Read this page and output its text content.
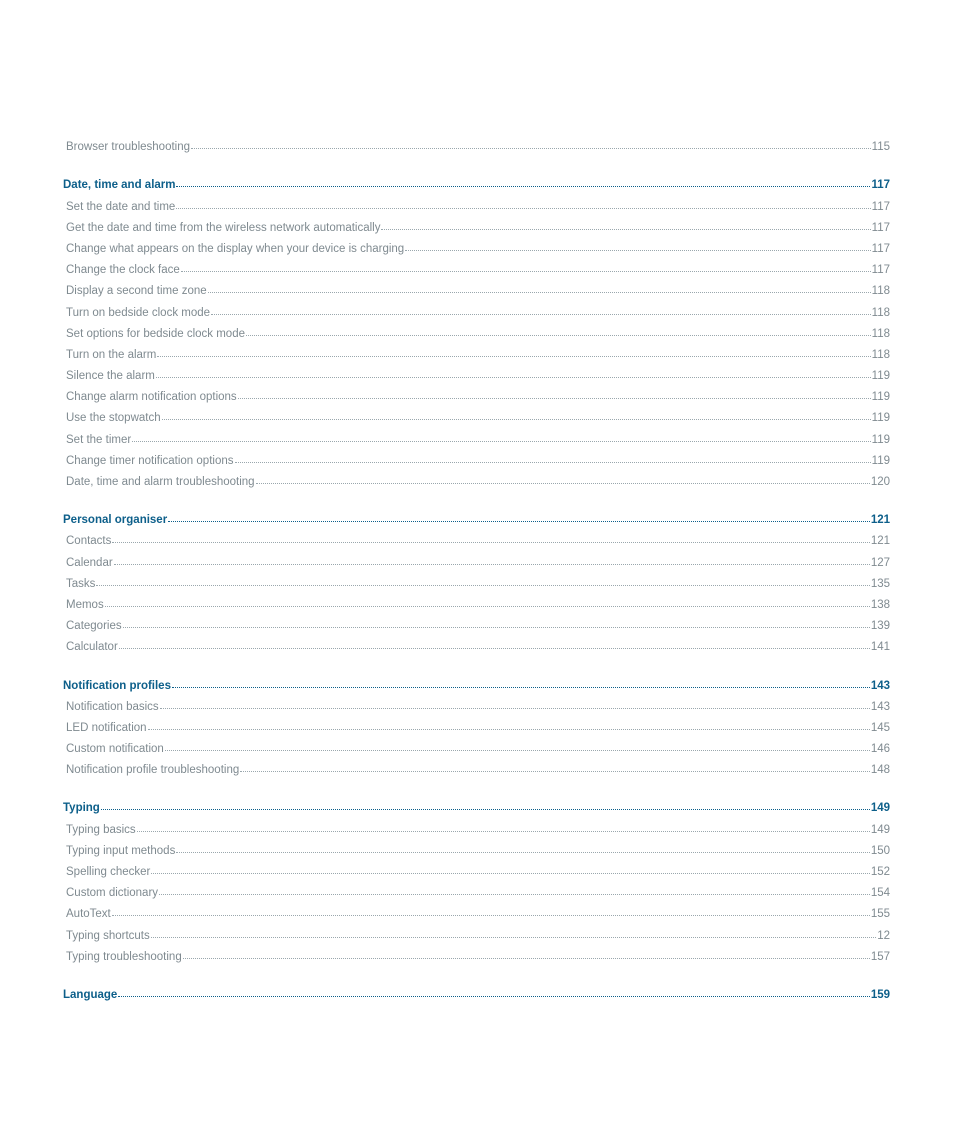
Browser troubleshooting	115
Date, time and alarm	117
Set the date and time	117
Get the date and time from the wireless network automatically	117
Change what appears on the display when your device is charging	117
Change the clock face	117
Display a second time zone	118
Turn on bedside clock mode	118
Set options for bedside clock mode	118
Turn on the alarm	118
Silence the alarm	119
Change alarm notification options	119
Use the stopwatch	119
Set the timer	119
Change timer notification options	119
Date, time and alarm troubleshooting	120
Personal organiser	121
Contacts	121
Calendar	127
Tasks	135
Memos	138
Categories	139
Calculator	141
Notification profiles	143
Notification basics	143
LED notification	145
Custom notification	146
Notification profile troubleshooting	148
Typing	149
Typing basics	149
Typing input methods	150
Spelling checker	152
Custom dictionary	154
AutoText	155
Typing shortcuts	12
Typing troubleshooting	157
Language	159
